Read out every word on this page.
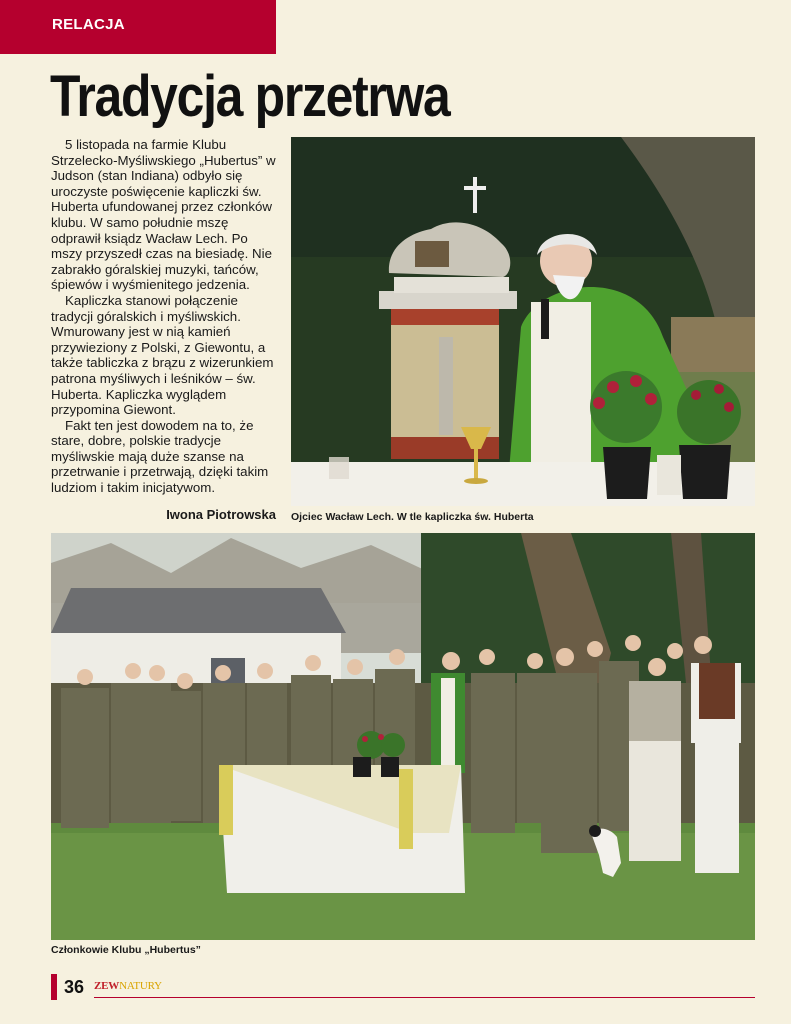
RELACJA
Tradycja przetrwa

5 listopada na farmie Klubu Strzelecko-Myśliwskiego „Hubertus” w Judson (stan Indiana) odbyło się uroczyste poświęcenie kapliczki św. Huberta ufundowanej przez członków klubu. W samo południe mszę odprawił ksiądz Wacław Lech. Po mszy przyszedł czas na biesiadę. Nie zabrakło góralskiej muzyki, tańców, śpiewów i wyśmienitego jedzenia.

Kapliczka stanowi połączenie tradycji góralskich i myśliwskich. Wmurowany jest w nią kamień przywieziony z Polski, z Giewontu, a także tabliczka z brązu z wizerunkiem patrona myśliwych i leśników – św. Huberta. Kapliczka wyglądem przypomina Giewont.

Fakt ten jest dowodem na to, że stare, dobre, polskie tradycje myśliwskie mają duże szanse na przetrwanie i przetrwają, dzięki takim ludziom i takim inicjatywom.

Iwona Piotrowska Ojciec Wacław Lech. W tle kapliczka św. Huberta
Członkowie Klubu „Hubertus”
36 ZEWNATURY
